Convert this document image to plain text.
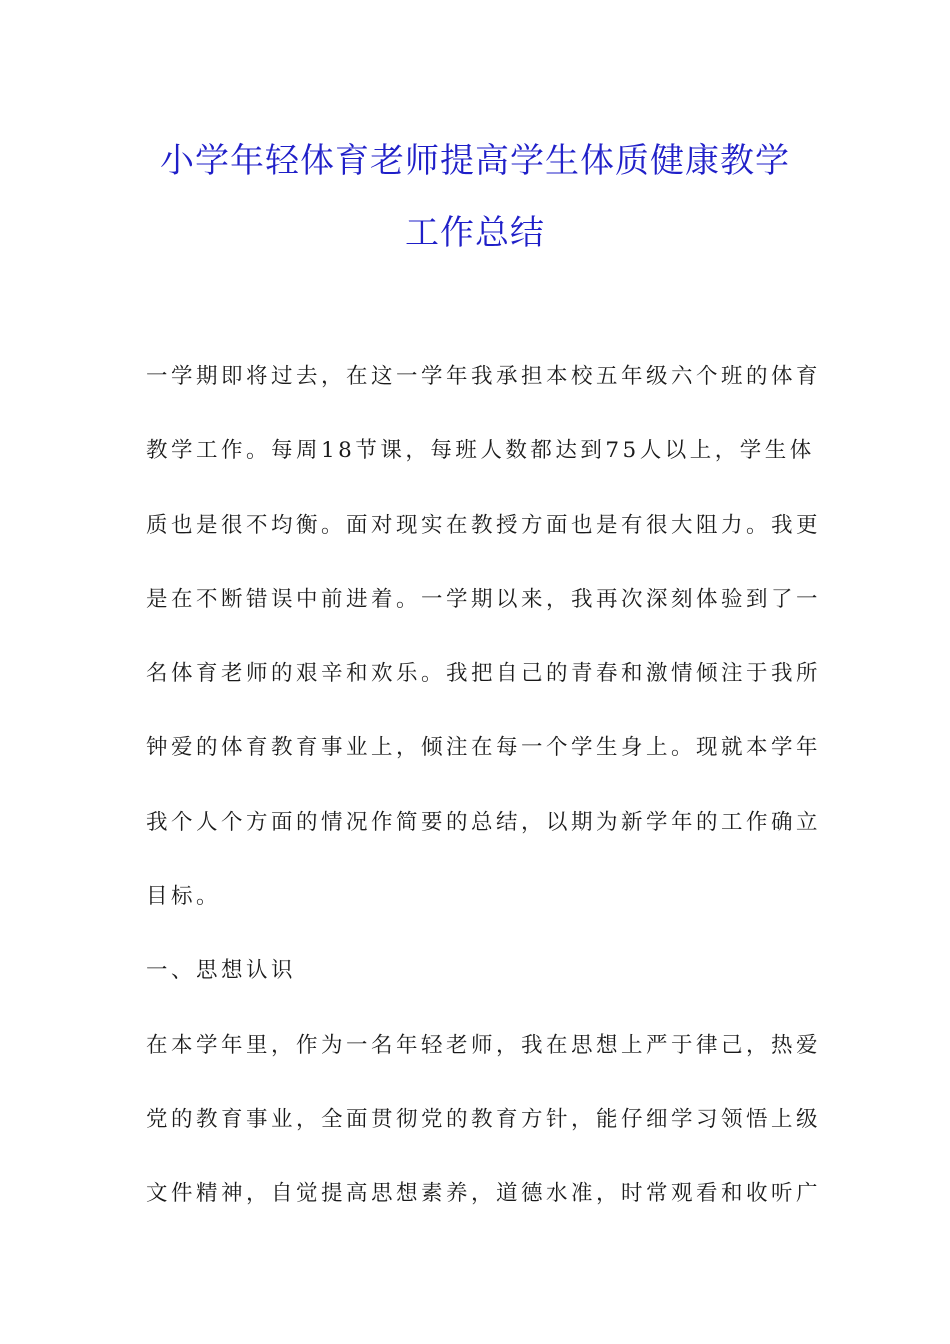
小学年轻体育老师提高学生体质健康教学
工作总结
一学期即将过去，在这一学年我承担本校五年级六个班的体育
教学工作。每周18节课，每班人数都达到75人以上，学生体
质也是很不均衡。面对现实在教授方面也是有很大阻力。我更
是在不断错误中前进着。一学期以来，我再次深刻体验到了一
名体育老师的艰辛和欢乐。我把自己的青春和激情倾注于我所
钟爱的体育教育事业上，倾注在每一个学生身上。现就本学年
我个人个方面的情况作简要的总结，以期为新学年的工作确立
目标。
一、思想认识
在本学年里，作为一名年轻老师，我在思想上严于律己，热爱
党的教育事业，全面贯彻党的教育方针，能仔细学习领悟上级
文件精神，自觉提高思想素养，道德水准，时常观看和收听广
